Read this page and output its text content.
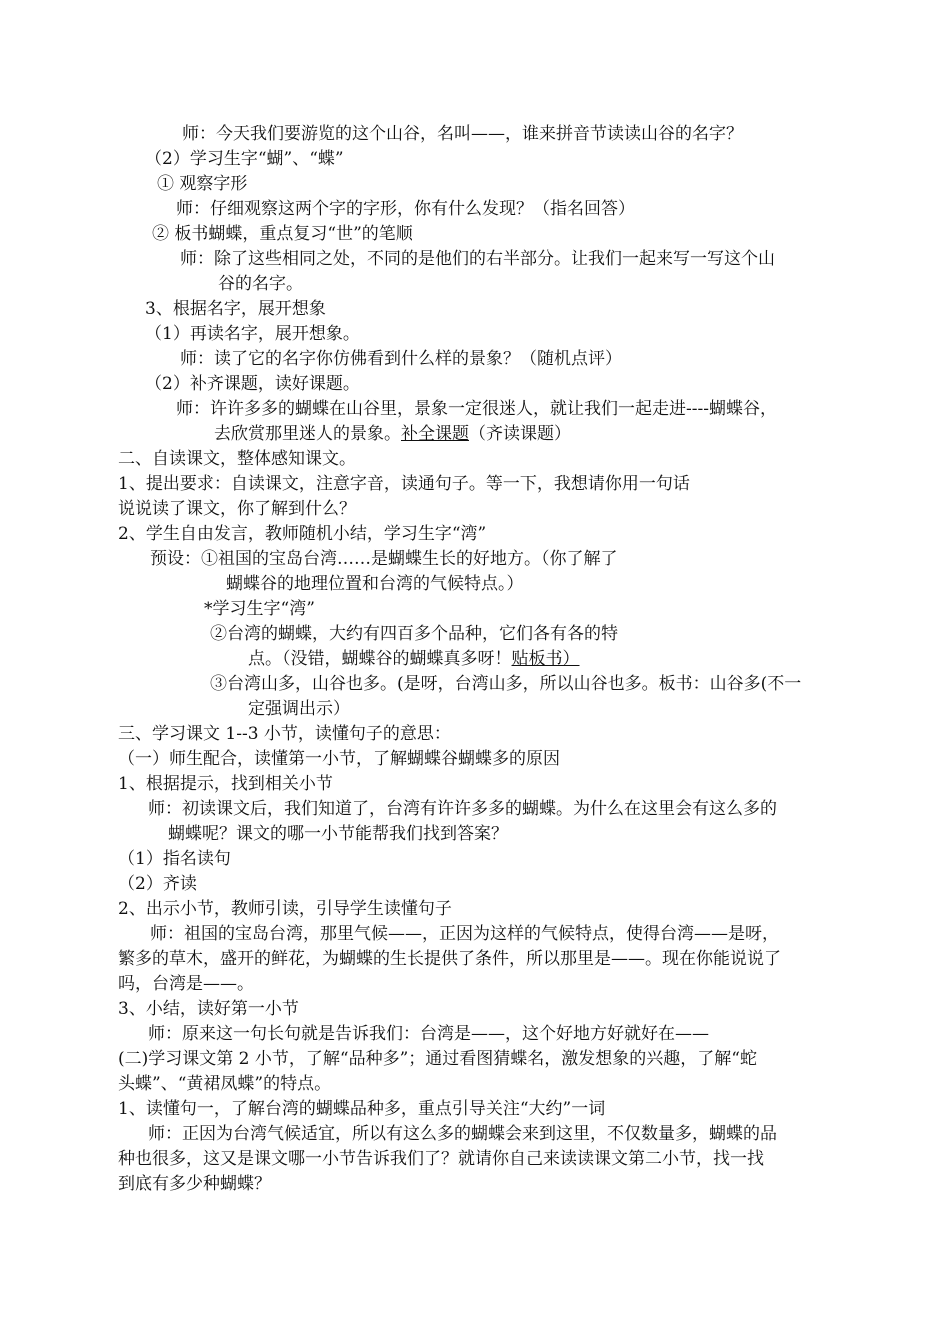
师：今天我们要游览的这个山谷，名叫——，谁来拼音节读读山谷的名字？
（2）学习生字“蝴”、“蝶”
① 观察字形
师：仔细观察这两个字的字形，你有什么发现？（指名回答）
② 板书蝴蝶，重点复习“世”的笔顺
师：除了这些相同之处，不同的是他们的右半部分。让我们一起来写一写这个山
谷的名字。
3、根据名字，展开想象
（1）再读名字，展开想象。
师：读了它的名字你仿佛看到什么样的景象？（随机点评）
（2）补齐课题，读好课题。
师：许许多多的蝴蝶在山谷里，景象一定很迷人，就让我们一起走进----蝴蝶谷，
去欣赏那里迷人的景象。补全课题（齐读课题）
二、自读课文，整体感知课文。
1、提出要求：自读课文，注意字音，读通句子。等一下，我想请你用一句话
说说读了课文，你了解到什么？
2、学生自由发言，教师随机小结，学习生字“湾”
预设：①祖国的宝岛台湾……是蝴蝶生长的好地方。（你了解了
蝴蝶谷的地理位置和台湾的气候特点。）
*学习生字“湾”
②台湾的蝴蝶，大约有四百多个品种，它们各有各的特
点。（没错，蝴蝶谷的蝴蝶真多呀！贴板书）
③台湾山多，山谷也多。(是呀，台湾山多，所以山谷也多。板书：山谷多(不一
定强调出示）
三、学习课文 1--3 小节，读懂句子的意思：
（一）师生配合，读懂第一小节，了解蝴蝶谷蝴蝶多的原因
1、根据提示，找到相关小节
师：初读课文后，我们知道了，台湾有许许多多的蝴蝶。为什么在这里会有这么多的
蝴蝶呢？课文的哪一小节能帮我们找到答案？
（1）指名读句
（2）齐读
2、出示小节，教师引读，引导学生读懂句子
师：祖国的宝岛台湾，那里气候——，正因为这样的气候特点，使得台湾——是呀，
繁多的草木，盛开的鲜花，为蝴蝶的生长提供了条件，所以那里是——。现在你能说说了
吗，台湾是——。
3、小结，读好第一小节
师：原来这一句长句就是告诉我们：台湾是——，这个好地方好就好在——
(二)学习课文第 2 小节，了解“品种多”；通过看图猜蝶名，激发想象的兴趣，了解“蛇
头蝶”、“黄裙凤蝶”的特点。
1、读懂句一，了解台湾的蝴蝶品种多，重点引导关注“大约”一词
师：正因为台湾气候适宜，所以有这么多的蝴蝶会来到这里，不仅数量多，蝴蝶的品
种也很多，这又是课文哪一小节告诉我们了？就请你自己来读读课文第二小节，找一找
到底有多少种蝴蝶？
